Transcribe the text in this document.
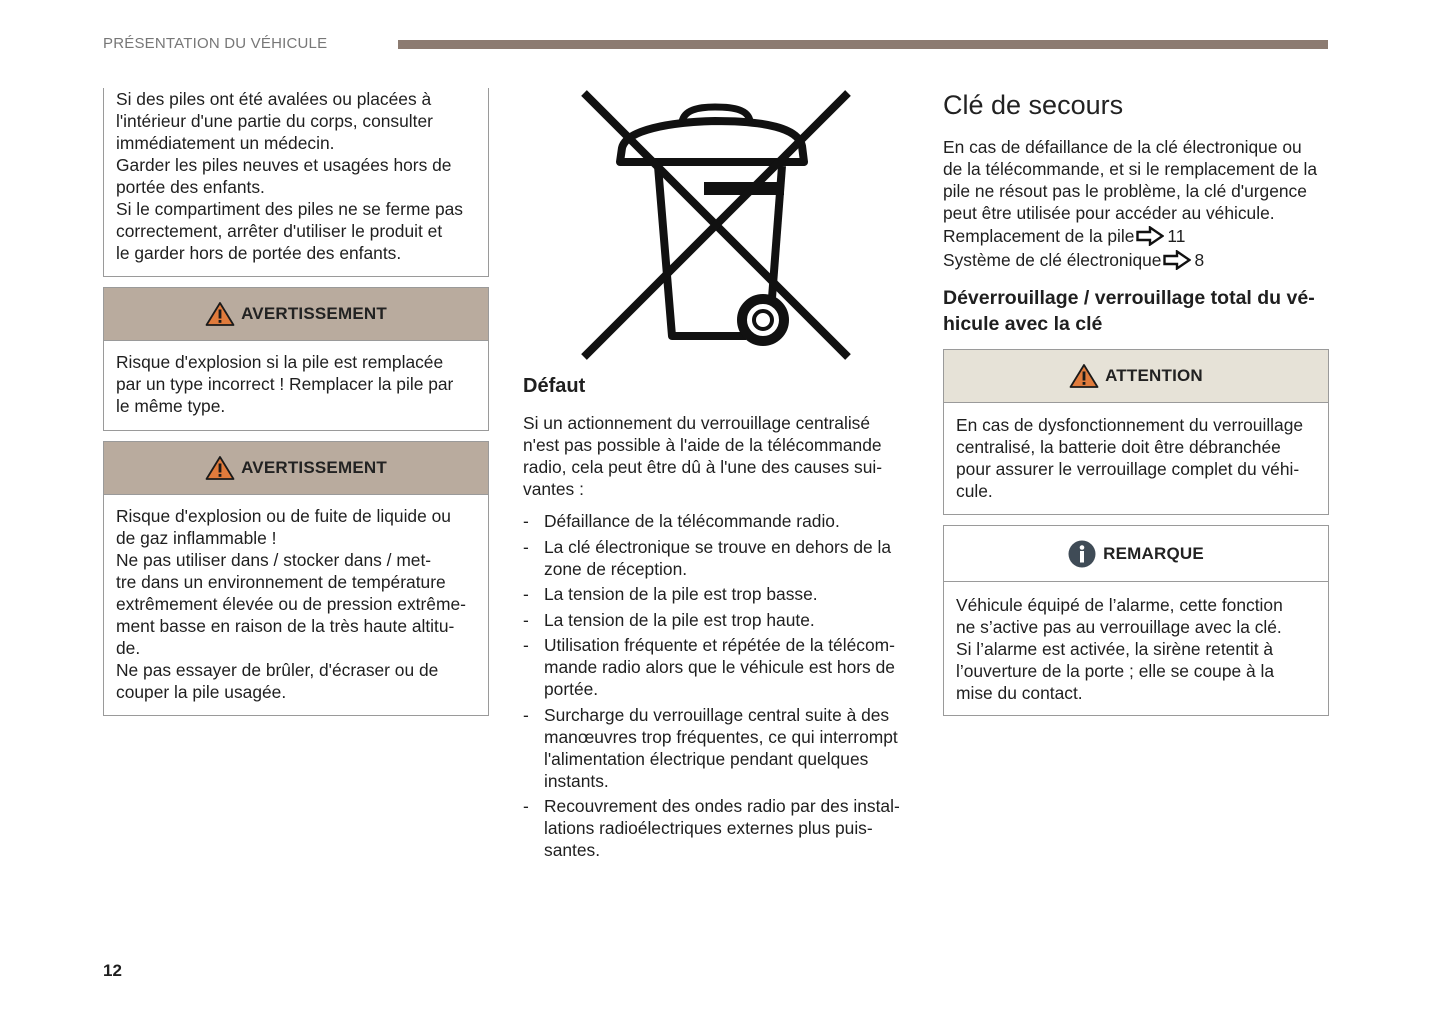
PRÉSENTATION DU VÉHICULE
Si des piles ont été avalées ou placées à
l'intérieur d'une partie du corps, consulter
immédiatement un médecin.
Garder les piles neuves et usagées hors de
portée des enfants.
Si le compartiment des piles ne se ferme pas
correctement, arrêter d'utiliser le produit et
le garder hors de portée des enfants.
AVERTISSEMENT
Risque d'explosion si la pile est remplacée
par un type incorrect ! Remplacer la pile par
le même type.
AVERTISSEMENT
Risque d'explosion ou de fuite de liquide ou
de gaz inflammable !
Ne pas utiliser dans / stocker dans / met-
tre dans un environnement de température
extrêmement élevée ou de pression extrême-
ment basse en raison de la très haute altitu-
de.
Ne pas essayer de brûler, d'écraser ou de
couper la pile usagée.
Défaut
Si un actionnement du verrouillage centralisé
n'est pas possible à l'aide de la télécommande
radio, cela peut être dû à l'une des causes sui-
vantes :
- Défaillance de la télécommande radio.
- La clé électronique se trouve en dehors de la
zone de réception.
- La tension de la pile est trop basse.
- La tension de la pile est trop haute.
- Utilisation fréquente et répétée de la télécom-
mande radio alors que le véhicule est hors de
portée.
- Surcharge du verrouillage central suite à des
manœuvres trop fréquentes, ce qui interrompt
l'alimentation électrique pendant quelques
instants.
- Recouvrement des ondes radio par des instal-
lations radioélectriques externes plus puis-
santes.
Clé de secours
En cas de défaillance de la clé électronique ou
de la télécommande, et si le remplacement de la
pile ne résout pas le problème, la clé d'urgence
peut être utilisée pour accéder au véhicule.
Remplacement de la pile 11
Système de clé électronique 8
Déverrouillage / verrouillage total du vé-
hicule avec la clé
ATTENTION
En cas de dysfonctionnement du verrouillage
centralisé, la batterie doit être débranchée
pour assurer le verrouillage complet du véhi-
cule.
REMARQUE
Véhicule équipé de l’alarme, cette fonction
ne s’active pas au verrouillage avec la clé.
Si l’alarme est activée, la sirène retentit à
l’ouverture de la porte ; elle se coupe à la
mise du contact.
12
